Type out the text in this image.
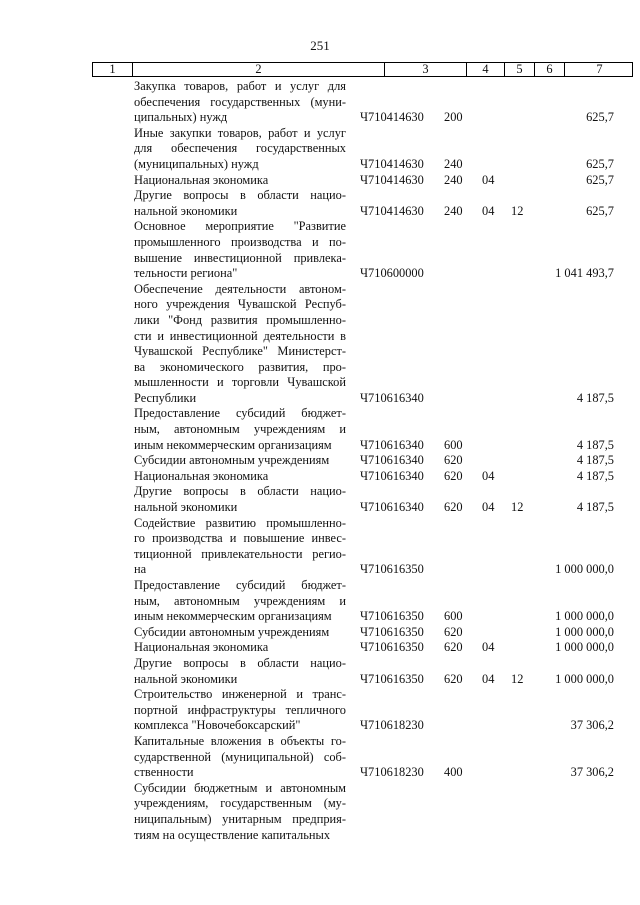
251
1	2	3	4	5	6	7
Закупка товаров, работ и услуг для
обеспечения государственных (муни-
ципальных) нужд	Ч710414630 200	625,7
Иные закупки товаров, работ и услуг
для обеспечения государственных
(муниципальных) нужд	Ч710414630 240	625,7
Национальная экономика	Ч710414630 240 04	625,7
Другие вопросы в области нацио-
нальной экономики	Ч710414630 240 04 12	625,7
Основное мероприятие "Развитие
промышленного производства и по-
вышение инвестиционной привлека-
тельности региона"	Ч710600000	1 041 493,7
Обеспечение деятельности автоном-
ного учреждения Чувашской Респуб-
лики "Фонд развития промышленно-
сти и инвестиционной деятельности в
Чувашской Республике" Министерст-
ва экономического развития, про-
мышленности и торговли Чувашской
Республики	Ч710616340	4 187,5
Предоставление субсидий бюджет-
ным, автономным учреждениям и
иным некоммерческим организациям	Ч710616340 600	4 187,5
Субсидии автономным учреждениям	Ч710616340 620	4 187,5
Национальная экономика	Ч710616340 620 04	4 187,5
Другие вопросы в области нацио-
нальной экономики	Ч710616340 620 04 12	4 187,5
Содействие развитию промышленно-
го производства и повышение инвес-
тиционной привлекательности регио-
на	Ч710616350	1 000 000,0
Предоставление субсидий бюджет-
ным, автономным учреждениям и
иным некоммерческим организациям	Ч710616350 600	1 000 000,0
Субсидии автономным учреждениям	Ч710616350 620	1 000 000,0
Национальная экономика	Ч710616350 620 04	1 000 000,0
Другие вопросы в области нацио-
нальной экономики	Ч710616350 620 04 12	1 000 000,0
Строительство инженерной и транс-
портной инфраструктуры тепличного
комплекса "Новочебоксарский"	Ч710618230	37 306,2
Капитальные вложения в объекты го-
сударственной (муниципальной) соб-
ственности	Ч710618230 400	37 306,2
Субсидии бюджетным и автономным
учреждениям, государственным (му-
ниципальным) унитарным предприя-
тиям на осуществление капитальных
